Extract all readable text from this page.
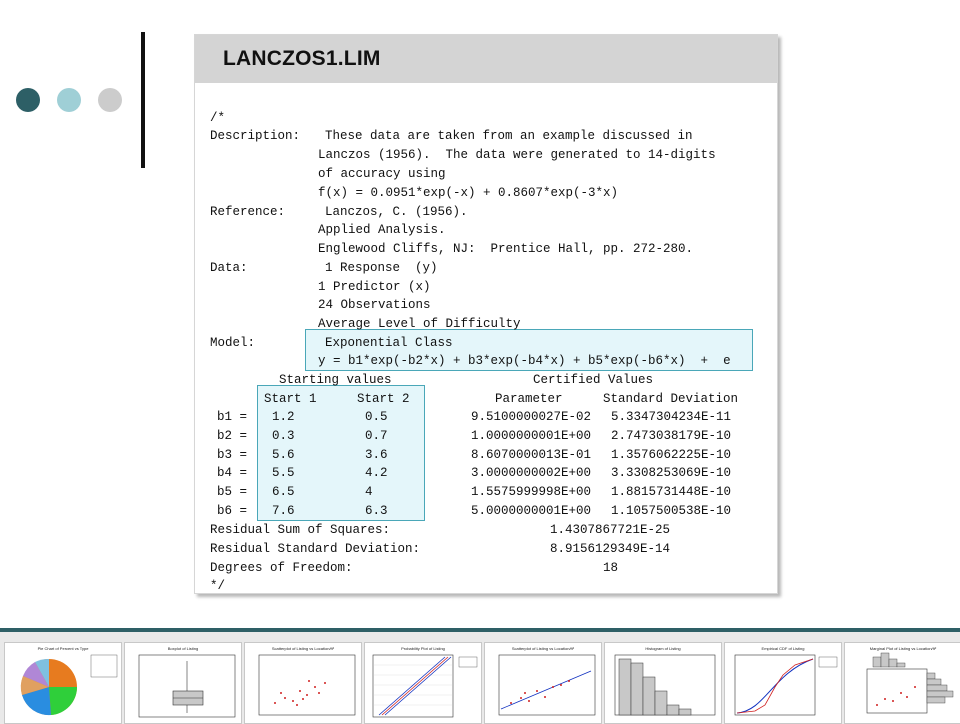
LANCZOS1.LIM
/*
Description: These data are taken from an example discussed in
Lanczos (1956).  The data were generated to 14-digits
of accuracy using
f(x) = 0.0951*exp(-x) + 0.8607*exp(-3*x)
Reference:	Lanczos, C. (1956).
Applied Analysis.
Englewood Cliffs, NJ:  Prentice Hall, pp. 272-280.
Data:	1 Response  (y)
1 Predictor (x)
24 Observations
Average Level of Difficulty
Model:	Exponential Class
y = b1*exp(-b2*x) + b3*exp(-b4*x) + b5*exp(-b6*x)  +  e
Starting values	Certified Values
Start 1	Start 2	Parameter	Standard Deviation
b1 = 1.2	0.5	9.5100000027E-02 5.3347304234E-11
b2 = 0.3	0.7	1.0000000001E+00 2.7473038179E-10
b3 = 5.6	3.6	8.6070000013E-01 1.3576062225E-10
b4 = 5.5	4.2	3.0000000002E+00 3.3308253069E-10
b5 = 6.5	4	1.5575999998E+00 1.8815731448E-10
b6 = 7.6	6.3	5.0000000001E+00 1.1057500538E-10
Residual Sum of Squares:	1.4307867721E-25
Residual Standard Deviation:	8.9156129349E-14
Degrees of Freedom:	18
*/
Pie Chart of Percent vs Type	Boxplot of Listing	Scatterplot of Listing vs Location/ft²	Probability Plot of Listing	Scatterplot of Listing vs Location/ft²	Histogram of Listing	Empirical CDF of Listing	Marginal Plot of Listing vs Location/ft²
